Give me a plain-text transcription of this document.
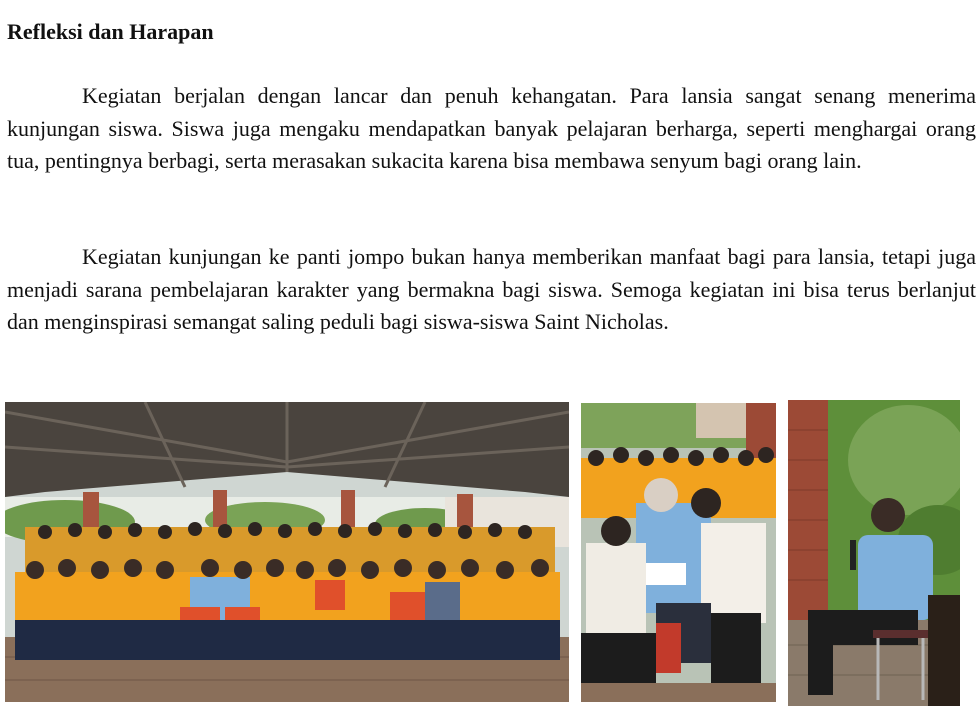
Refleksi dan Harapan

Kegiatan berjalan dengan lancar dan penuh kehangatan. Para lansia sangat senang menerima kunjungan siswa. Siswa juga mengaku mendapatkan banyak pelajaran berharga, seperti menghargai orang tua, pentingnya berbagi, serta merasakan sukacita karena bisa membawa senyum bagi orang lain.

Kegiatan kunjungan ke panti jompo bukan hanya memberikan manfaat bagi para lansia, tetapi juga menjadi sarana pembelajaran karakter yang bermakna bagi siswa. Semoga kegiatan ini bisa terus berlanjut dan menginspirasi semangat saling peduli bagi siswa-siswa Saint Nicholas.
